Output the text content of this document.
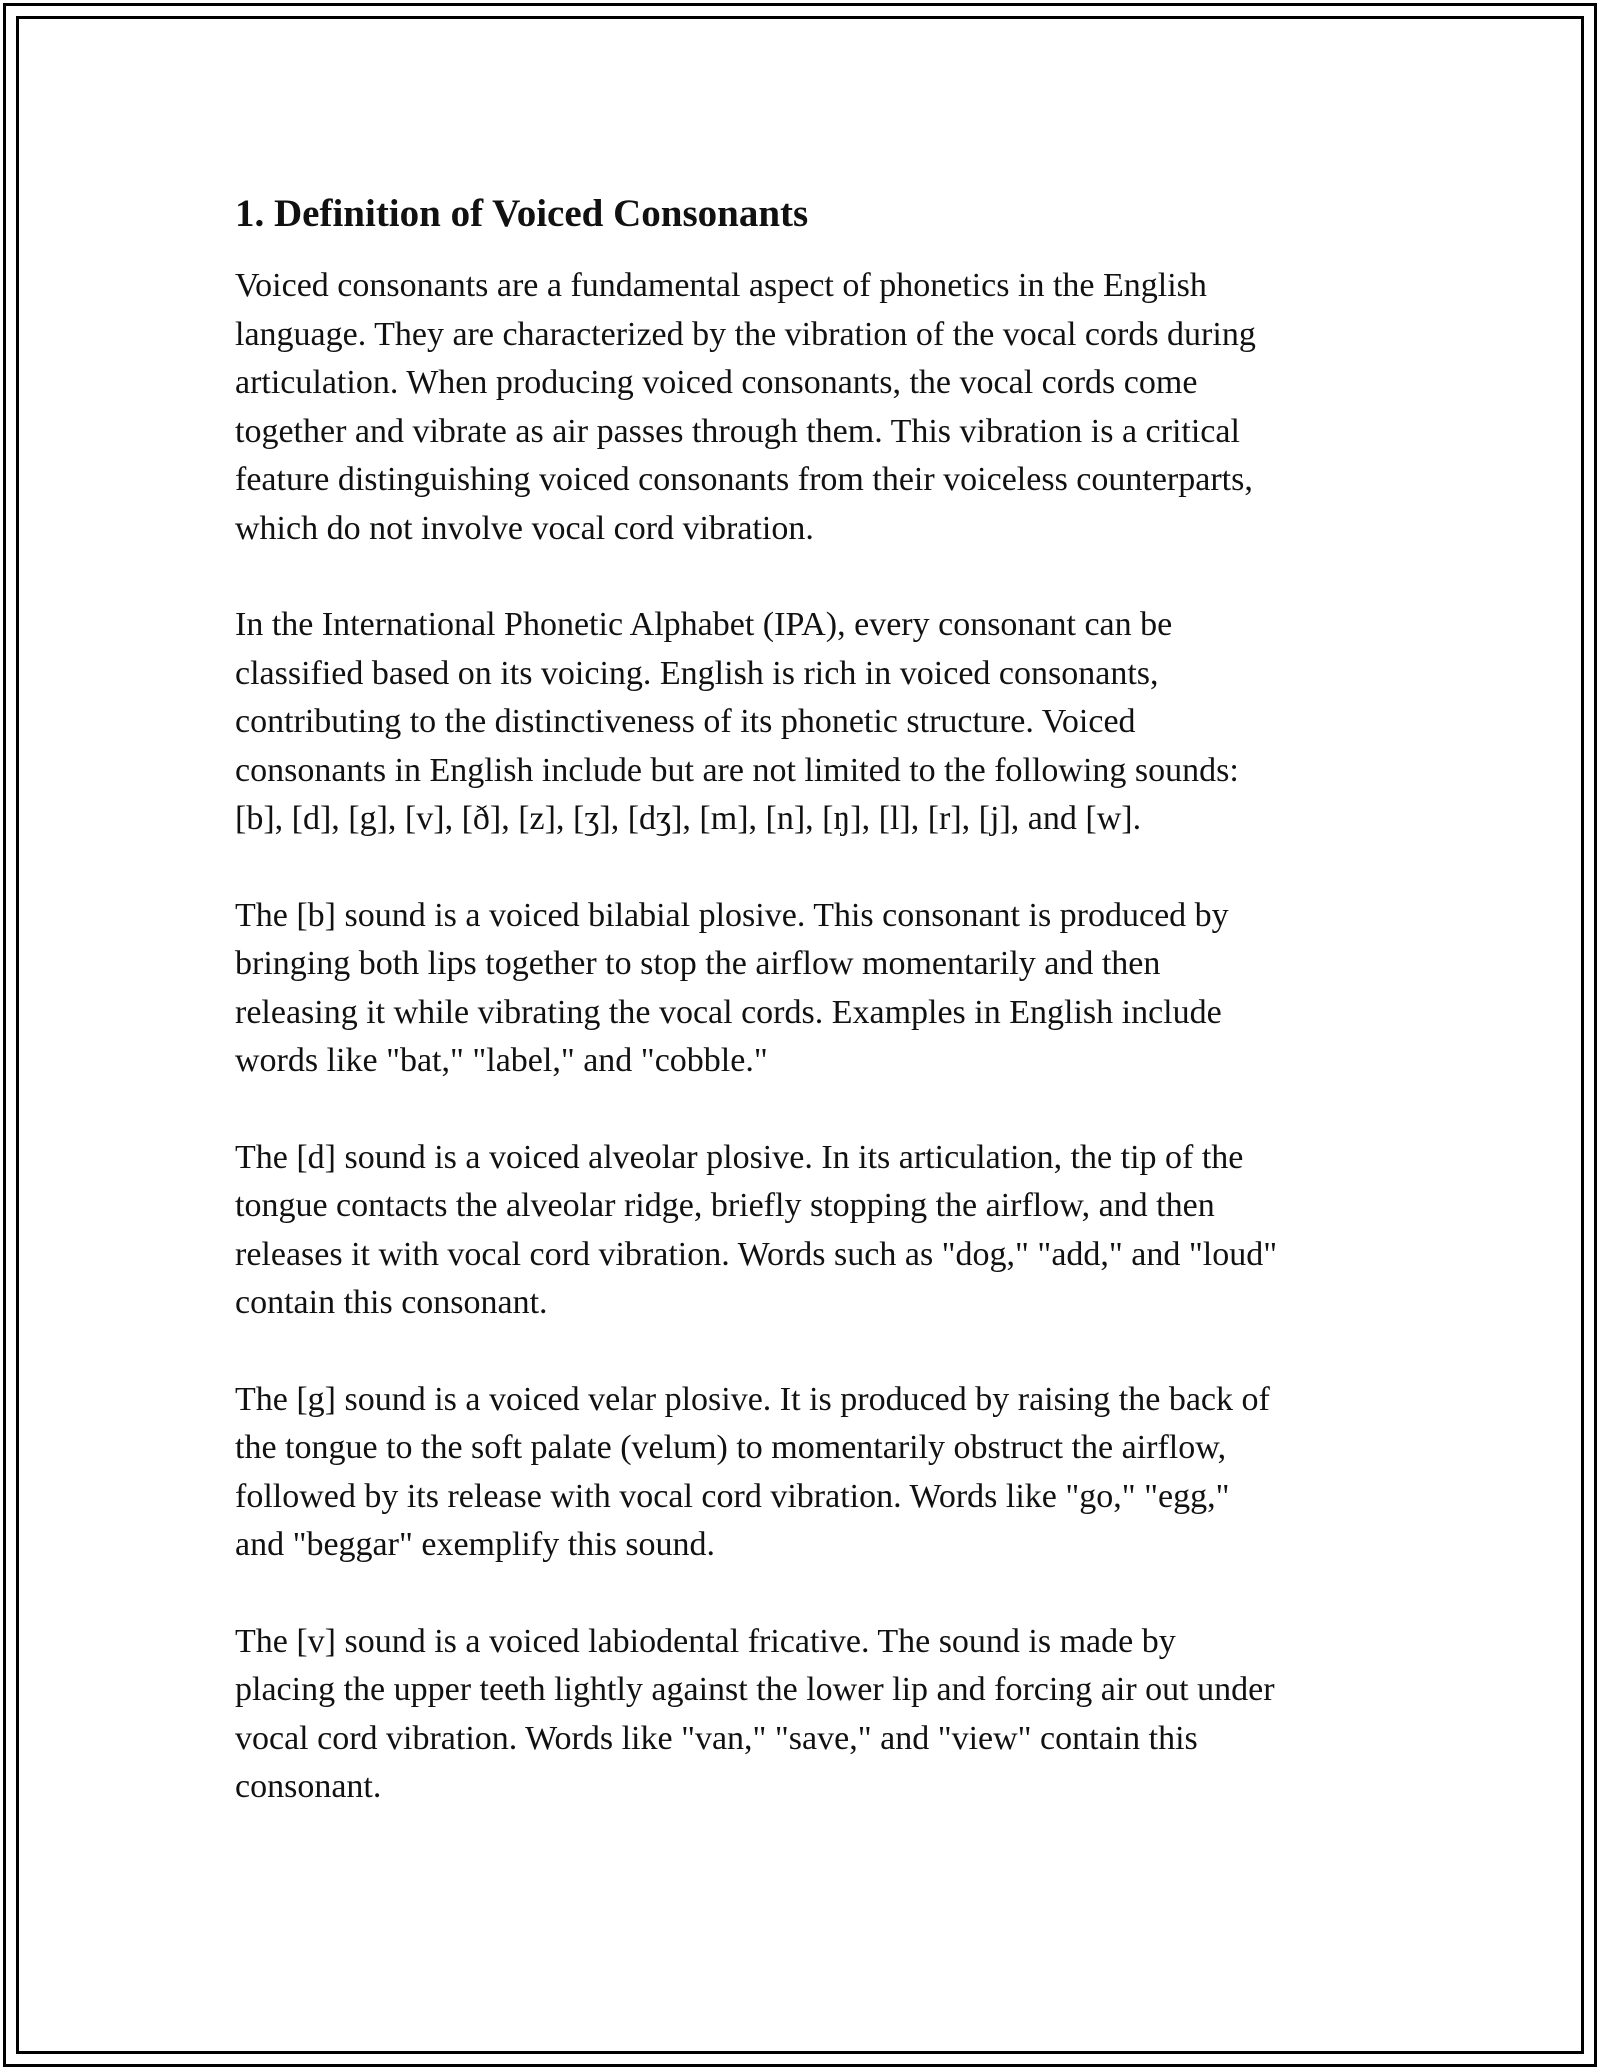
1. Definition of Voiced Consonants

Voiced consonants are a fundamental aspect of phonetics in the English
language. They are characterized by the vibration of the vocal cords during
articulation. When producing voiced consonants, the vocal cords come
together and vibrate as air passes through them. This vibration is a critical
feature distinguishing voiced consonants from their voiceless counterparts,
which do not involve vocal cord vibration.

In the International Phonetic Alphabet (IPA), every consonant can be
classified based on its voicing. English is rich in voiced consonants,
contributing to the distinctiveness of its phonetic structure. Voiced
consonants in English include but are not limited to the following sounds:
[b], [d], [g], [v], [ð], [z], [ʒ], [dʒ], [m], [n], [ŋ], [l], [r], [j], and [w].

The [b] sound is a voiced bilabial plosive. This consonant is produced by
bringing both lips together to stop the airflow momentarily and then
releasing it while vibrating the vocal cords. Examples in English include
words like "bat," "label," and "cobble."

The [d] sound is a voiced alveolar plosive. In its articulation, the tip of the
tongue contacts the alveolar ridge, briefly stopping the airflow, and then
releases it with vocal cord vibration. Words such as "dog," "add," and "loud"
contain this consonant.

The [g] sound is a voiced velar plosive. It is produced by raising the back of
the tongue to the soft palate (velum) to momentarily obstruct the airflow,
followed by its release with vocal cord vibration. Words like "go," "egg,"
and "beggar" exemplify this sound.

The [v] sound is a voiced labiodental fricative. The sound is made by
placing the upper teeth lightly against the lower lip and forcing air out under
vocal cord vibration. Words like "van," "save," and "view" contain this
consonant.
